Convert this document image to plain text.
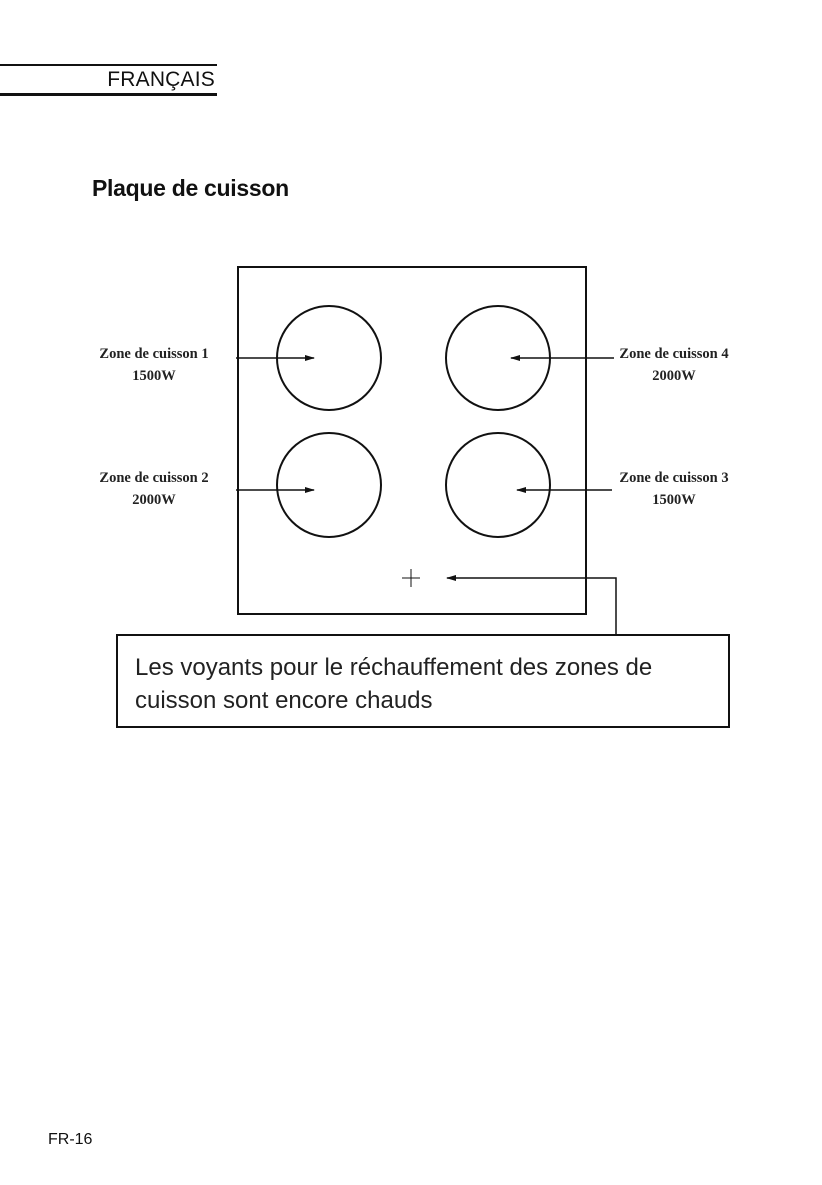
FRANÇAIS
Plaque de cuisson
Zone de cuisson 1
1500W
Zone de cuisson 2
2000W
Zone de cuisson 3
1500W
Zone de cuisson 4
2000W
Les voyants pour le réchauffement des zones de cuisson sont encore chauds
FR-16
